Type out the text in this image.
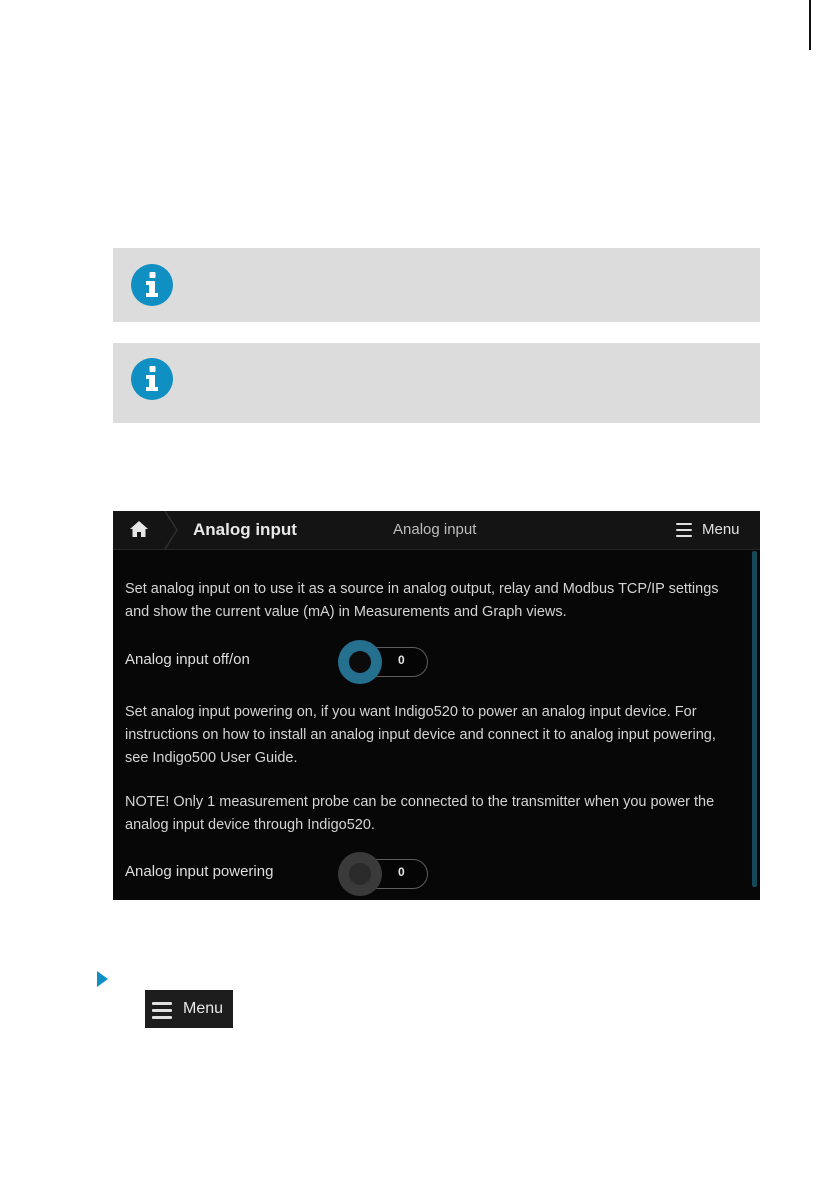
Analog input	Analog input	Menu
Set analog input on to use it as a source in analog output, relay and Modbus TCP/IP settings and show the current value (mA) in Measurements and Graph views.
Analog input off/on	0
Set analog input powering on, if you want Indigo520 to power an analog input device. For instructions on how to install an analog input device and connect it to analog input powering, see Indigo500 User Guide.
NOTE! Only 1 measurement probe can be connected to the transmitter when you power the analog input device through Indigo520.
Analog input powering	0
Menu
